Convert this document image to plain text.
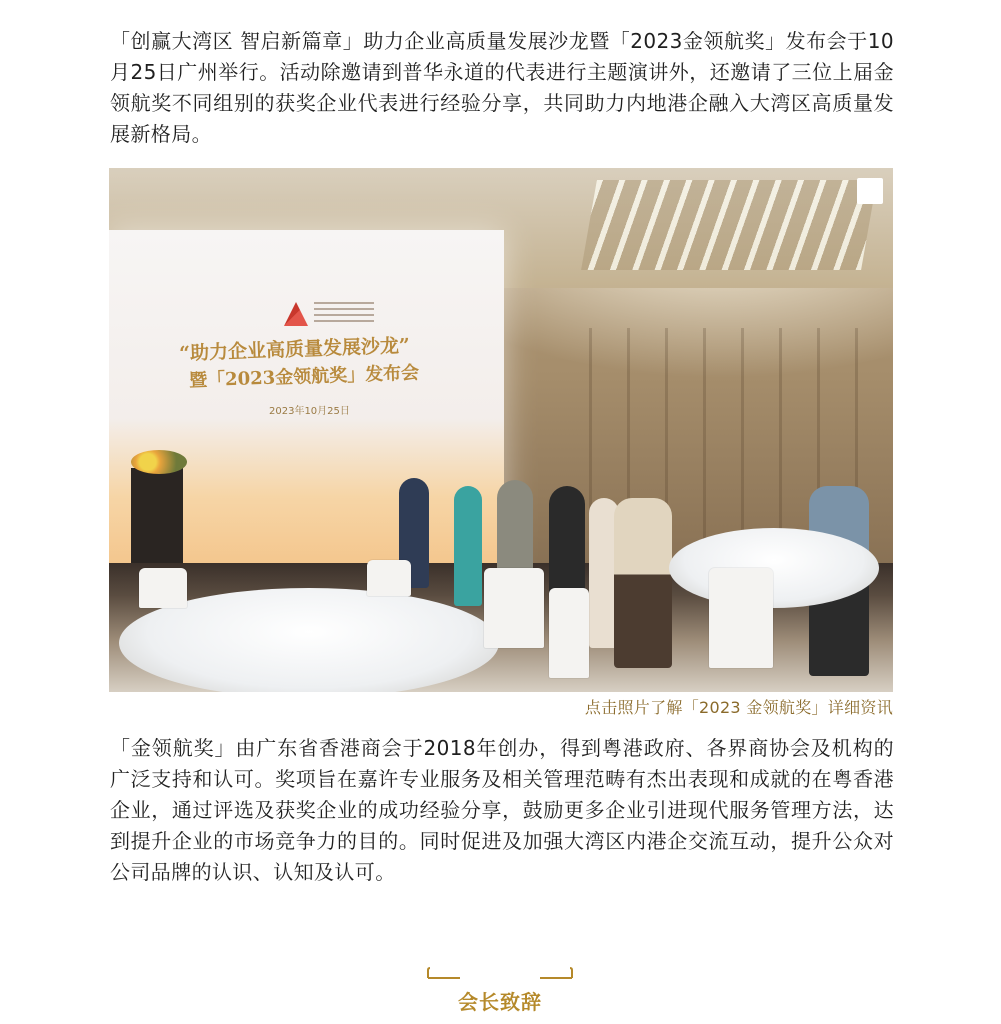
「创赢大湾区 智启新篇章」助力企业高质量发展沙龙暨「2023金领航奖」发布会于10月25日广州举行。活动除邀请到普华永道的代表进行主题演讲外，还邀请了三位上届金领航奖不同组别的获奖企业代表进行经验分享，共同助力内地港企融入大湾区高质量发展新格局。

“助力企业高质量发展沙龙”
暨「2023金领航奖」发布会
2023年10月25日
点击照片了解「2023 金领航奖」详细资讯

「金领航奖」由广东省香港商会于2018年创办，得到粤港政府、各界商协会及机构的广泛支持和认可。奖项旨在嘉许专业服务及相关管理范畴有杰出表现和成就的在粤香港企业，通过评选及获奖企业的成功经验分享，鼓励更多企业引进现代服务管理方法，达到提升企业的市场竞争力的目的。同时促进及加强大湾区内港企交流互动，提升公众对公司品牌的认识、认知及认可。

会长致辞
